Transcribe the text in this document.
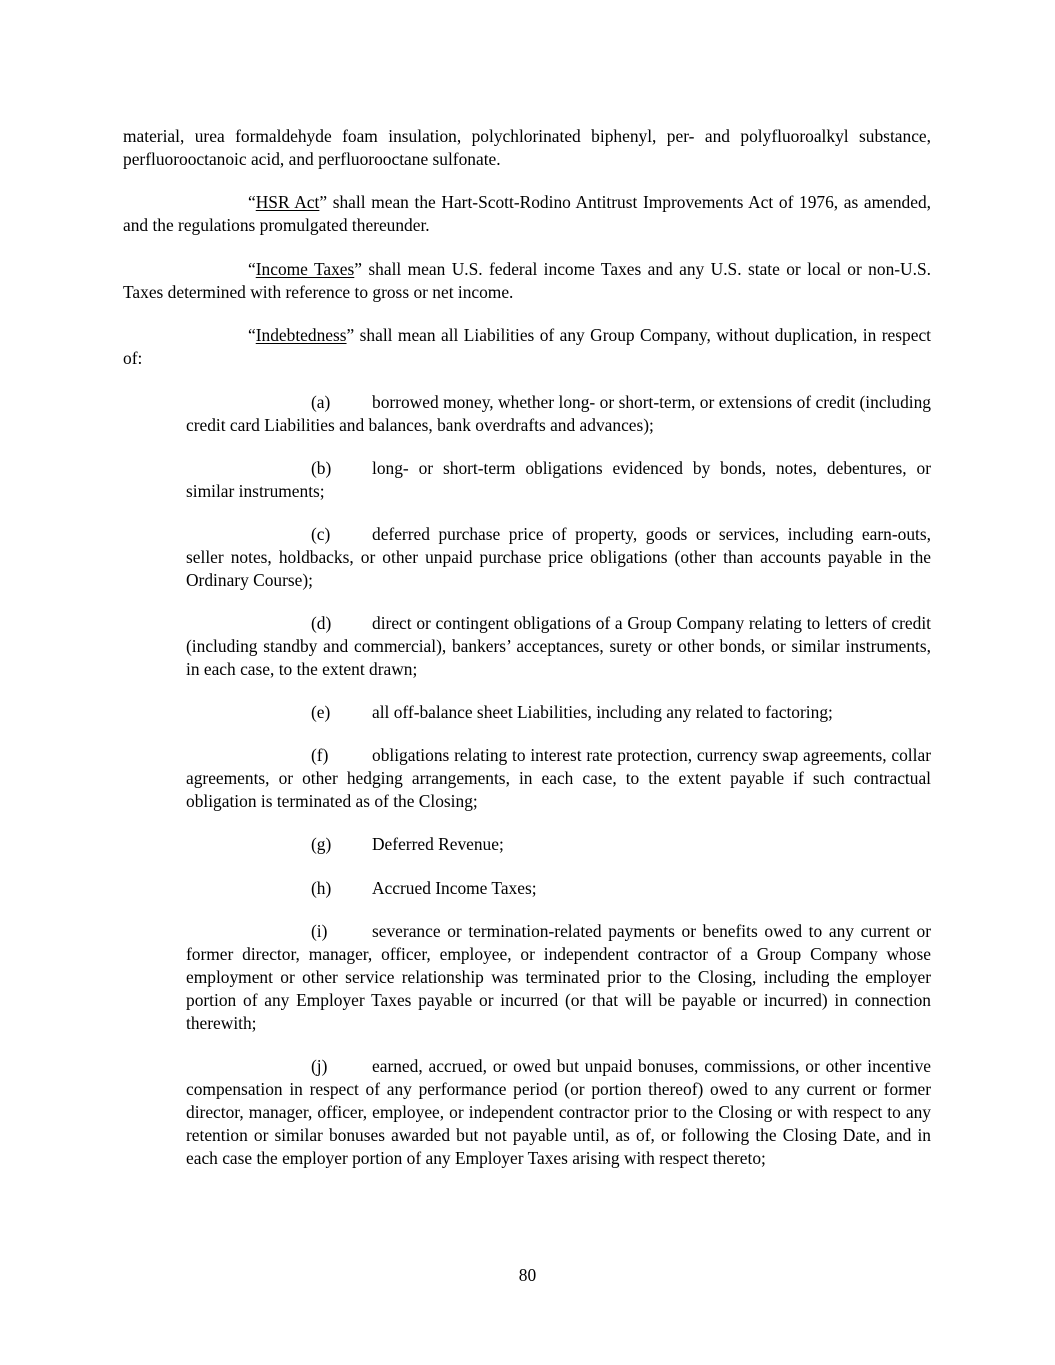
material, urea formaldehyde foam insulation, polychlorinated biphenyl, per- and polyfluoroalkyl substance, perfluorooctanoic acid, and perfluorooctane sulfonate.

“HSR Act” shall mean the Hart-Scott-Rodino Antitrust Improvements Act of 1976, as amended, and the regulations promulgated thereunder.

“Income Taxes” shall mean U.S. federal income Taxes and any U.S. state or local or non-U.S. Taxes determined with reference to gross or net income.

“Indebtedness” shall mean all Liabilities of any Group Company, without duplication, in respect of:

(a) borrowed money, whether long- or short-term, or extensions of credit (including credit card Liabilities and balances, bank overdrafts and advances);

(b) long- or short-term obligations evidenced by bonds, notes, debentures, or similar instruments;

(c) deferred purchase price of property, goods or services, including earn-outs, seller notes, holdbacks, or other unpaid purchase price obligations (other than accounts payable in the Ordinary Course);

(d) direct or contingent obligations of a Group Company relating to letters of credit (including standby and commercial), bankers’ acceptances, surety or other bonds, or similar instruments, in each case, to the extent drawn;

(e) all off-balance sheet Liabilities, including any related to factoring;

(f)	obligations relating to interest rate protection, currency swap agreements, collar agreements, or other hedging arrangements, in each case, to the extent payable if such contractual obligation is terminated as of the Closing;

(g) Deferred Revenue;

(h) Accrued Income Taxes;

(i)	severance or termination-related payments or benefits owed to any current or former director, manager, officer, employee, or independent contractor of a Group Company whose employment or other service relationship was terminated prior to the Closing, including the employer portion of any Employer Taxes payable or incurred (or that will be payable or incurred) in connection therewith;

(j)	earned, accrued, or owed but unpaid bonuses, commissions, or other incentive compensation in respect of any performance period (or portion thereof) owed to any current or former director, manager, officer, employee, or independent contractor prior to the Closing or with respect to any retention or similar bonuses awarded but not payable until, as of, or following the Closing Date, and in each case the employer portion of any Employer Taxes arising with respect thereto;

80
